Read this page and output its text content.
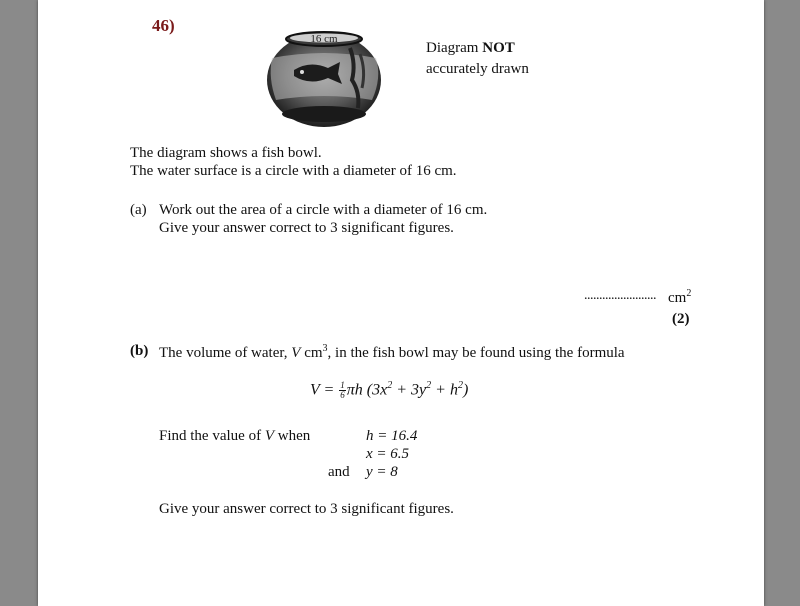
46)
16 cm
Diagram NOT
accurately drawn
The diagram shows a fish bowl.
The water surface is a circle with a diameter of 16 cm.
(a) Work out the area of a circle with a diameter of 16 cm.
Give your answer correct to 3 significant figures.
........................ $cm^2$
(2)
(b) The volume of water, V $cm^3$, in the fish bowl may be found using the formula
$V = \frac{1}{6}$ πh $(3x^2 + 3y^2 + h^2)$
Find the value of V when	h = 16.4
x = 6.5
and y = 8
Give your answer correct to 3 significant figures.
